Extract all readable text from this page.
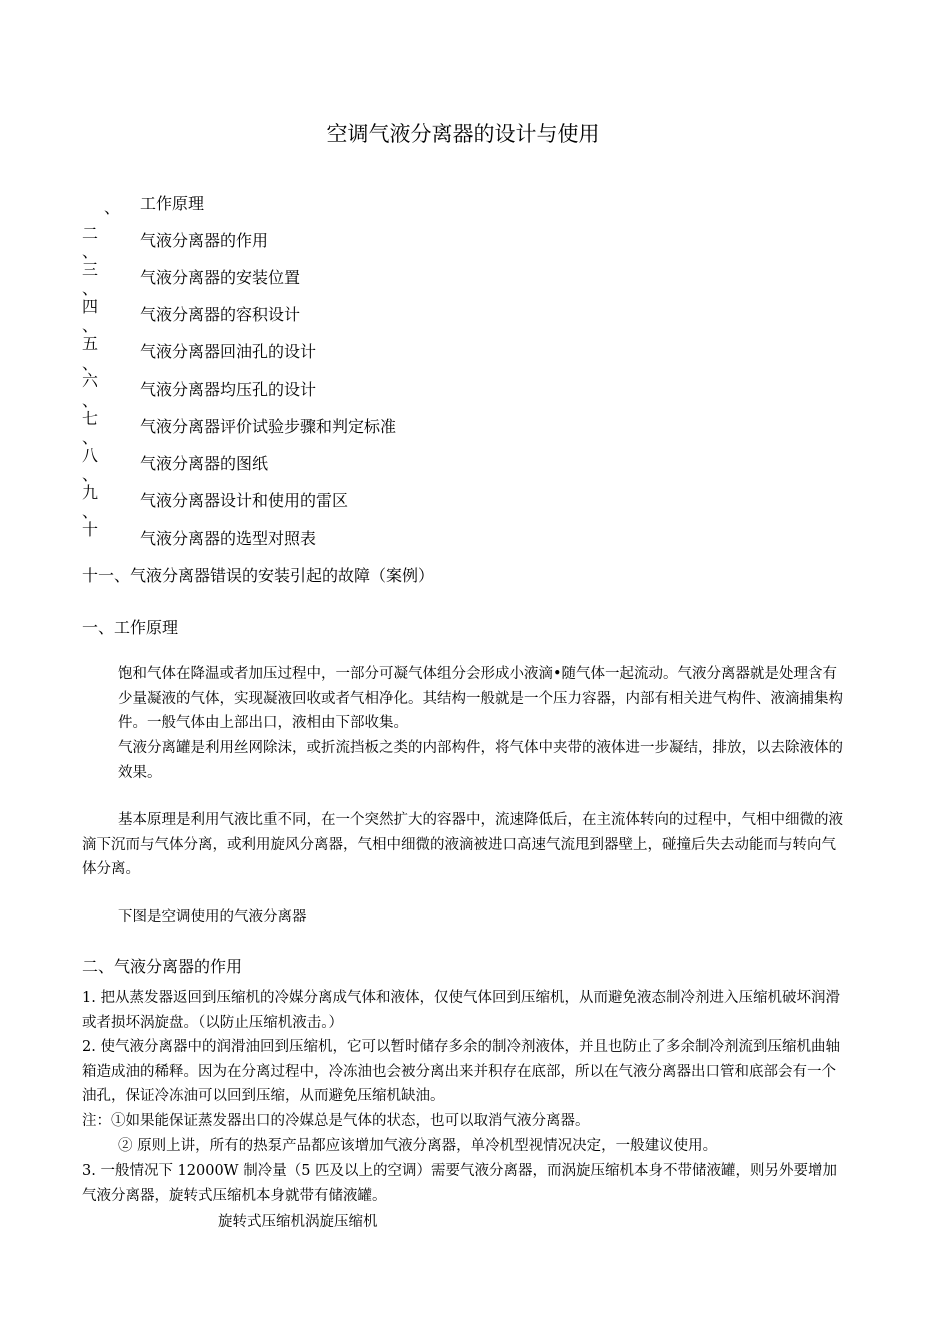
空调气液分离器的设计与使用
、
二
、
三
、
四
、
五
、
六
、
七
、
八
、
九
、
十
工作原理
气液分离器的作用
气液分离器的安装位置
气液分离器的容积设计
气液分离器回油孔的设计
气液分离器均压孔的设计
气液分离器评价试验步骤和判定标准
气液分离器的图纸
气液分离器设计和使用的雷区
气液分离器的选型对照表
十一、气液分离器错误的安装引起的故障（案例）
一、工作原理
饱和气体在降温或者加压过程中，一部分可凝气体组分会形成小液滴•随气体一起流动。气液分离器就是处理含有少量凝液的气体，实现凝液回收或者气相净化。其结构一般就是一个压力容器，内部有相关进气构件、液滴捕集构件。一般气体由上部出口，液相由下部收集。
气液分离罐是利用丝网除沫，或折流挡板之类的内部构件，将气体中夹带的液体进一步凝结，排放，以去除液体的效果。
基本原理是利用气液比重不同，在一个突然扩大的容器中，流速降低后，在主流体转向的过程中，气相中细微的液滴下沉而与气体分离，或利用旋风分离器，气相中细微的液滴被进口高速气流甩到器壁上，碰撞后失去动能而与转向气体分离。
下图是空调使用的气液分离器
二、气液分离器的作用
1. 把从蒸发器返回到压缩机的冷媒分离成气体和液体，仅使气体回到压缩机，从而避免液态制冷剂进入压缩机破坏润滑或者损坏涡旋盘。（以防止压缩机液击。）
2. 使气液分离器中的润滑油回到压缩机，它可以暂时储存多余的制冷剂液体，并且也防止了多余制冷剂流到压缩机曲轴箱造成油的稀释。因为在分离过程中，冷冻油也会被分离出来并积存在底部，所以在气液分离器出口管和底部会有一个油孔，保证冷冻油可以回到压缩，从而避免压缩机缺油。
注：①如果能保证蒸发器出口的冷媒总是气体的状态，也可以取消气液分离器。
② 原则上讲，所有的热泵产品都应该增加气液分离器，单冷机型视情况决定，一般建议使用。
3. 一般情况下 12000W 制冷量（5 匹及以上的空调）需要气液分离器，而涡旋压缩机本身不带储液罐，则另外要增加气液分离器，旋转式压缩机本身就带有储液罐。
旋转式压缩机涡旋压缩机
